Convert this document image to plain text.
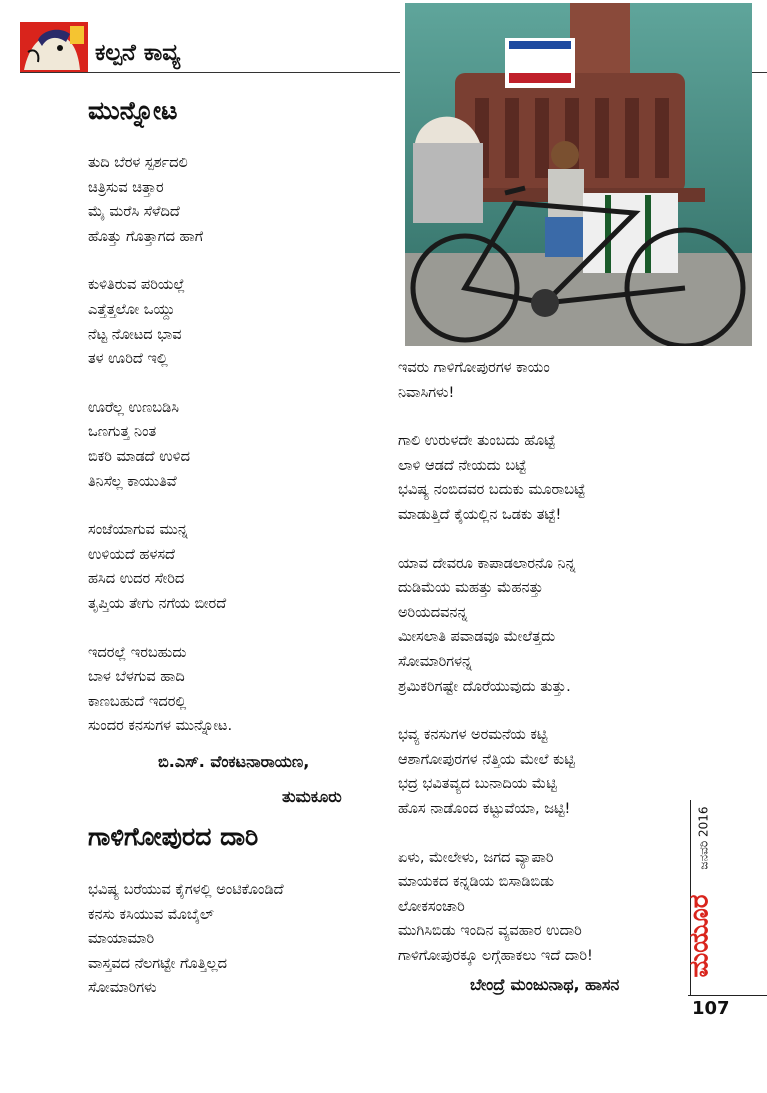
ಕಲ್ಪನೆ ಕಾವ್ಯ
ಮುನ್ನೋಟ
ತುದಿ ಬೆರಳ ಸ್ಪರ್ಶದಲಿ
ಚಿತ್ರಿಸುವ ಚಿತ್ತಾರ
ಮೈ ಮರೆಸಿ ಸೆಳೆದಿದೆ
ಹೊತ್ತು ಗೊತ್ತಾಗದ ಹಾಗೆ
ಕುಳಿತಿರುವ ಪರಿಯಲ್ಲೆ
ಎತ್ತೆತ್ತಲೋ ಒಯ್ದು
ನೆಟ್ಟ ನೋಟದ ಭಾವ
ತಳ ಊರಿದೆ ಇಲ್ಲಿ
ಊರೆಲ್ಲ ಉಣಬಡಿಸಿ
ಒಣಗುತ್ತ ನಿಂತ
ಬಿಕರಿ ಮಾಡದೆ ಉಳಿದ
ತಿನಿಸೆಲ್ಲ ಕಾಯುತಿವೆ
ಸಂಜೆಯಾಗುವ ಮುನ್ನ
ಉಳಿಯದೆ ಹಳಸದೆ
ಹಸಿದ ಉದರ ಸೇರಿದ
ತೃಪ್ತಿಯ ತೇಗು ನಗೆಯ ಬೀರದೆ
ಇದರಲ್ಲೆ ಇರಬಹುದು
ಬಾಳ ಬೆಳಗುವ ಹಾದಿ
ಕಾಣಬಹುದೆ ಇದರಲ್ಲಿ
ಸುಂದರ ಕನಸುಗಳ ಮುನ್ನೋಟ.
ಬಿ.ಎಸ್. ವೆಂಕಟನಾರಾಯಣ,
ತುಮಕೂರು
ಗಾಳಿಗೋಪುರದ ದಾರಿ
ಭವಿಷ್ಯ ಬರೆಯುವ ಕೈಗಳಲ್ಲಿ ಅಂಟಿಕೊಂಡಿದೆ
ಕನಸು ಕಸಿಯುವ ಮೊಬೈಲ್
ಮಾಯಾಮಾರಿ
ವಾಸ್ತವದ ನೆಲಗಟ್ಟೇ ಗೊತ್ತಿಲ್ಲದ
ಸೋಮಾರಿಗಳು
ಇವರು ಗಾಳಿಗೋಪುರಗಳ ಕಾಯಂ
ನಿವಾಸಿಗಳು!
ಗಾಲಿ ಉರುಳದೇ ತುಂಬದು ಹೊಟ್ಟೆ
ಲಾಳಿ ಆಡದೆ ನೇಯದು ಬಟ್ಟೆ
ಭವಿಷ್ಯ ನಂಬಿದವರ ಬದುಕು ಮೂರಾಬಟ್ಟೆ
ಮಾಡುತ್ತಿದೆ ಕೈಯಲ್ಲಿನ ಒಡಕು ತಟ್ಟೆ!
ಯಾವ ದೇವರೂ ಕಾಪಾಡಲಾರನೊ ನಿನ್ನ
ದುಡಿಮೆಯ ಮಹತ್ತು ಮೆಹನತ್ತು
ಅರಿಯದವನನ್ನ
ಮೀಸಲಾತಿ ಪವಾಡವೂ ಮೇಲೆತ್ತದು
ಸೋಮಾರಿಗಳನ್ನ
ಶ್ರಮಿಕರಿಗಷ್ಟೇ ದೊರೆಯುವುದು ತುತ್ತು.
ಭವ್ಯ ಕನಸುಗಳ ಅರಮನೆಯ ಕಟ್ಟಿ
ಆಶಾಗೋಪುರಗಳ ನೆತ್ತಿಯ ಮೇಲೆ ಕುಟ್ಟಿ
ಭದ್ರ ಭವಿತವ್ಯದ ಬುನಾದಿಯ ಮೆಟ್ಟಿ
ಹೊಸ ನಾಡೊಂದ ಕಟ್ಟುವೆಯಾ, ಜಟ್ಟಿ!
ಏಳು, ಮೇಲೇಳು, ಜಗದ ವ್ಯಾಪಾರಿ
ಮಾಯಕದ ಕನ್ನಡಿಯ ಬಿಸಾಡಿಬಿಡು
ಲೋಕಸಂಚಾರಿ
ಮುಗಿಸಿಬಿಡು ಇಂದಿನ ವ್ಯವಹಾರ ಉದಾರಿ
ಗಾಳಿಗೋಪುರಕ್ಕೂ ಲಗ್ಗೆಹಾಕಲು ಇದೆ ದಾರಿ!
ಬೇಂದ್ರೆ ಮಂಜುನಾಥ, ಹಾಸನ
ಜನವರಿ 2016
ಮಯೂರ
107
